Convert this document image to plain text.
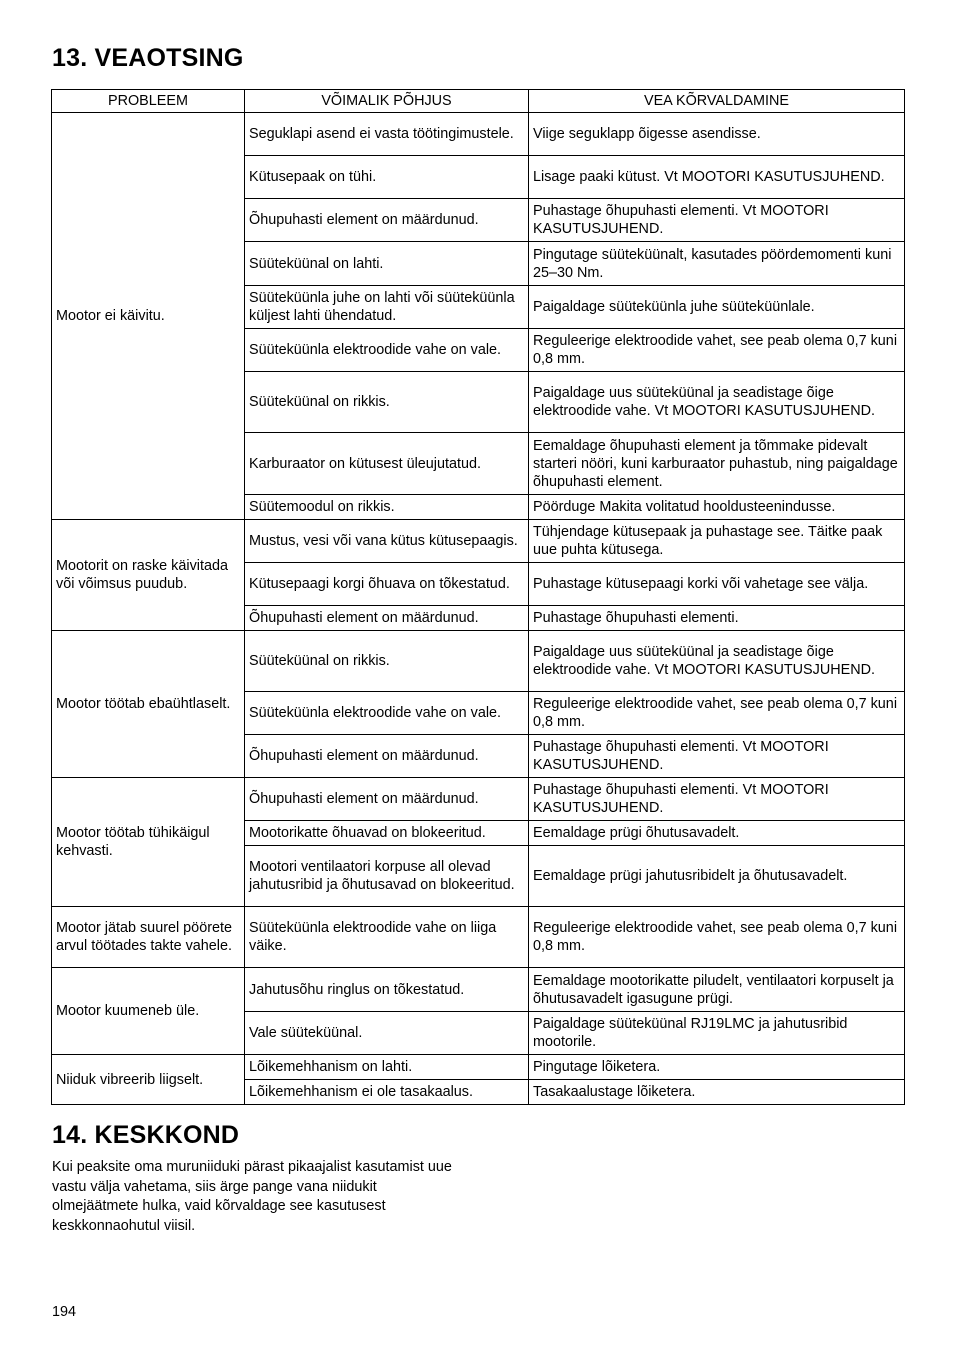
13. VEAOTSING
PROBLEEM	VÕIMALIK PÕHJUS	VEA KÕRVALDAMINE
Mootor ei käivitu.	Seguklapi asend ei vasta töötingimustele.	Viige seguklapp õigesse asendisse.
	Kütusepaak on tühi.	Lisage paaki kütust. Vt MOOTORI KASUTUSJUHEND.
	Õhupuhasti element on määrdunud.	Puhastage õhupuhasti elementi. Vt MOOTORI KASUTUSJUHEND.
	Süüteküünal on lahti.	Pingutage süüteküünalt, kasutades pöördemomenti kuni 25–30 Nm.
	Süüteküünla juhe on lahti või süüteküünla küljest lahti ühendatud.	Paigaldage süüteküünla juhe süüteküünlale.
	Süüteküünla elektroodide vahe on vale.	Reguleerige elektroodide vahet, see peab olema 0,7 kuni 0,8 mm.
	Süüteküünal on rikkis.	Paigaldage uus süüteküünal ja seadistage õige elektroodide vahe. Vt MOOTORI KASUTUSJUHEND.
	Karburaator on kütusest üleujutatud.	Eemaldage õhupuhasti element ja tõmmake pidevalt starteri nööri, kuni karburaator puhastub, ning paigaldage õhupuhasti element.
	Süütemoodul on rikkis.	Pöörduge Makita volitatud hooldusteenindusse.
Mootorit on raske käivitada või võimsus puudub.	Mustus, vesi või vana kütus kütusepaagis.	Tühjendage kütusepaak ja puhastage see. Täitke paak uue puhta kütusega.
	Kütusepaagi korgi õhuava on tõkestatud.	Puhastage kütusepaagi korki või vahetage see välja.
	Õhupuhasti element on määrdunud.	Puhastage õhupuhasti elementi.
Mootor töötab ebaühtlaselt.	Süüteküünal on rikkis.	Paigaldage uus süüteküünal ja seadistage õige elektroodide vahe. Vt MOOTORI KASUTUSJUHEND.
	Süüteküünla elektroodide vahe on vale.	Reguleerige elektroodide vahet, see peab olema 0,7 kuni 0,8 mm.
	Õhupuhasti element on määrdunud.	Puhastage õhupuhasti elementi. Vt MOOTORI KASUTUSJUHEND.
Mootor töötab tühikäigul kehvasti.	Õhupuhasti element on määrdunud.	Puhastage õhupuhasti elementi. Vt MOOTORI KASUTUSJUHEND.
	Mootorikatte õhuavad on blokeeritud.	Eemaldage prügi õhutusavadelt.
	Mootori ventilaatori korpuse all olevad jahutusribid ja õhutusavad on blokeeritud.	Eemaldage prügi jahutusribidelt ja õhutusavadelt.
Mootor jätab suurel pöörete arvul töötades takte vahele.	Süüteküünla elektroodide vahe on liiga väike.	Reguleerige elektroodide vahet, see peab olema 0,7 kuni 0,8 mm.
Mootor kuumeneb üle.	Jahutusõhu ringlus on tõkestatud.	Eemaldage mootorikatte piludelt, ventilaatori korpuselt ja õhutusavadelt igasugune prügi.
	Vale süüteküünal.	Paigaldage süüteküünal RJ19LMC ja jahutusribid mootorile.
Niiduk vibreerib liigselt.	Lõikemehhanism on lahti.	Pingutage lõiketera.
	Lõikemehhanism ei ole tasakaalus.	Tasakaalustage lõiketera.
14. KESKKOND

Kui peaksite oma muruniiduki pärast pikaajalist kasutamist uue vastu välja vahetama, siis ärge pange vana niidukit olmejäätmete hulka, vaid kõrvaldage see kasutusest keskkonnaohutul viisil.

194
